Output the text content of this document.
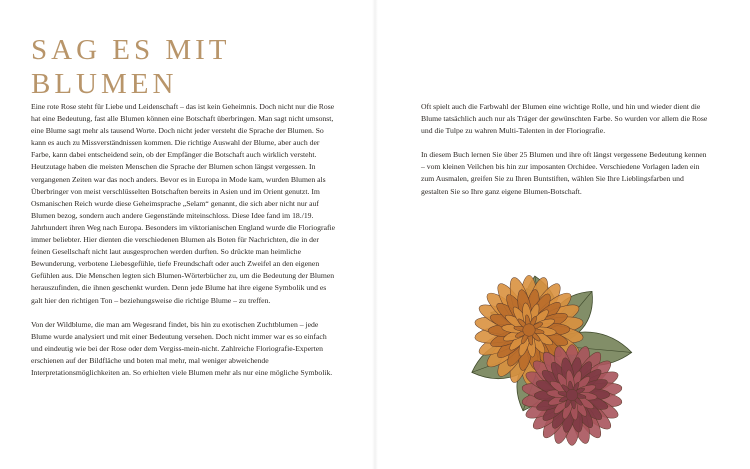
SAG ES MIT
BLUMEN

Eine rote Rose steht für Liebe und Leidenschaft – das ist kein Geheimnis. Doch nicht nur die Rose hat eine Bedeutung, fast alle Blumen können eine Botschaft überbringen. Man sagt nicht umsonst, eine Blume sagt mehr als tausend Worte. Doch nicht jeder versteht die Sprache der Blumen. So kann es auch zu Missverständnissen kommen. Die richtige Auswahl der Blume, aber auch der Farbe, kann dabei entscheidend sein, ob der Empfänger die Botschaft auch wirklich versteht. Heutzutage haben die meisten Menschen die Sprache der Blumen schon längst vergessen. In vergangenen Zeiten war das noch anders. Bevor es in Europa in Mode kam, wurden Blumen als Überbringer von meist verschlüsselten Botschaften bereits in Asien und im Orient genutzt. Im Osmanischen Reich wurde diese Geheimsprache „Selam“ genannt, die sich aber nicht nur auf Blumen bezog, sondern auch andere Gegenstände miteinschloss. Diese Idee fand im 18./19. Jahrhundert ihren Weg nach Europa. Besonders im viktorianischen England wurde die Floriografie immer beliebter. Hier dienten die verschiedenen Blumen als Boten für Nachrichten, die in der feinen Gesellschaft nicht laut ausgesprochen werden durften. So drückte man heimliche Bewunderung, verbotene Liebesgefühle, tiefe Freundschaft oder auch Zweifel an den eigenen Gefühlen aus. Die Menschen legten sich Blumen-Wörterbücher zu, um die Bedeutung der Blumen herauszufinden, die ihnen geschenkt wurden. Denn jede Blume hat ihre eigene Symbolik und es galt hier den richtigen Ton – beziehungsweise die richtige Blume – zu treffen.

Von der Wildblume, die man am Wegesrand findet, bis hin zu exotischen Zuchtblumen – jede Blume wurde analysiert und mit einer Bedeutung versehen. Doch nicht immer war es so einfach und eindeutig wie bei der Rose oder dem Vergiss-mein-nicht. Zahlreiche Floriografie-Experten erschienen auf der Bildfläche und boten mal mehr, mal weniger abweichende Interpretationsmöglichkeiten an. So erhielten viele Blumen mehr als nur eine mögliche Symbolik.

Oft spielt auch die Farbwahl der Blumen eine wichtige Rolle, und hin und wieder dient die Blume tatsächlich auch nur als Träger der gewünschten Farbe. So wurden vor allem die Rose und die Tulpe zu wahren Multi-Talenten in der Floriografie.

In diesem Buch lernen Sie über 25 Blumen und ihre oft längst vergessene Bedeutung kennen – vom kleinen Veilchen bis hin zur imposanten Orchidee. Verschiedene Vorlagen laden ein zum Ausmalen, greifen Sie zu Ihren Buntstiften, wählen Sie Ihre Lieblingsfarben und gestalten Sie so Ihre ganz eigene Blumen-Botschaft.
